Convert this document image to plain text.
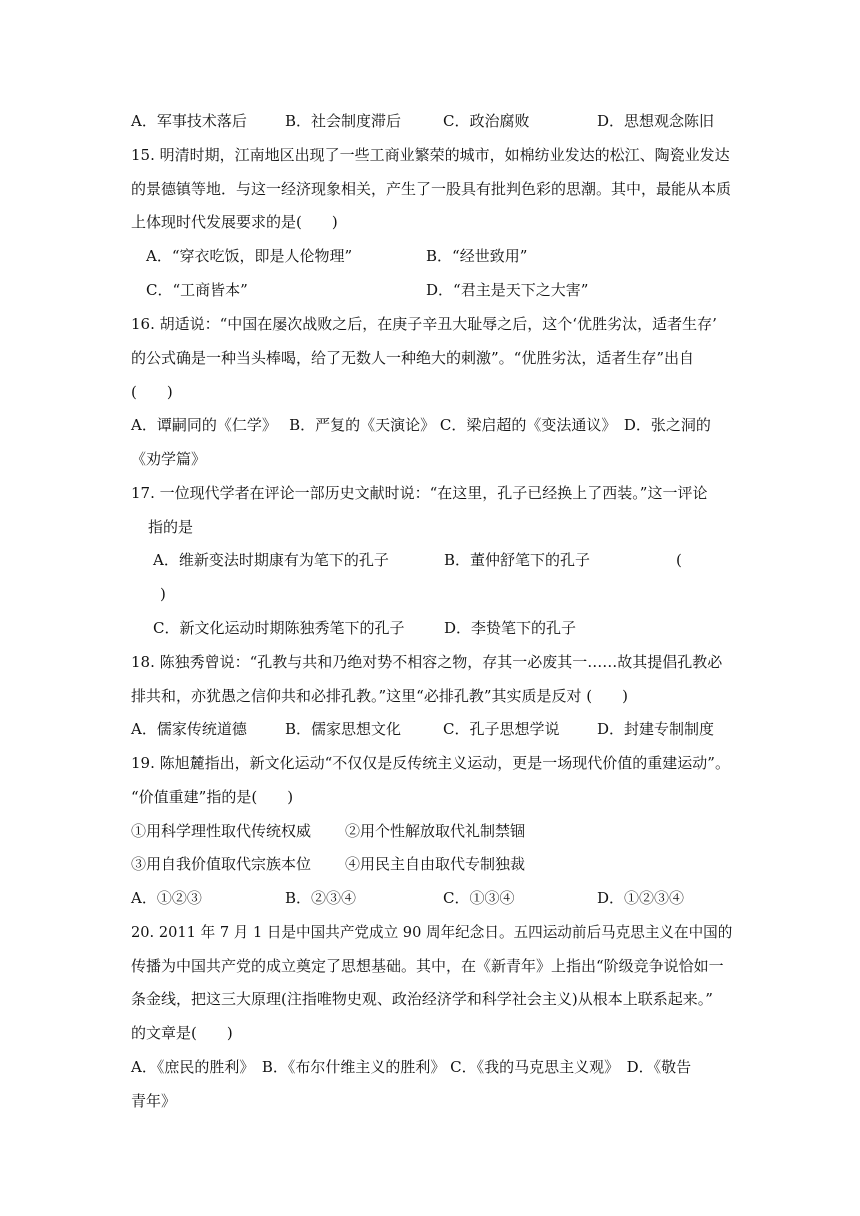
A．军事技术落后	B．社会制度滞后	C．政治腐败	D．思想观念陈旧
15. 明清时期，江南地区出现了一些工商业繁荣的城市，如棉纺业发达的松江、陶瓷业发达
的景德镇等地．与这一经济现象相关，产生了一股具有批判色彩的思潮。其中，最能从本质
上体现时代发展要求的是(　　)
A．“穿衣吃饭，即是人伦物理”	B．“经世致用”
C．“工商皆本”	D．“君主是天下之大害”
16. 胡适说：“中国在屡次战败之后，在庚子辛丑大耻辱之后，这个‘优胜劣汰，适者生存’
的公式确是一种当头棒喝，给了无数人一种绝大的刺激”。“优胜劣汰，适者生存”出自
(　　)
A．谭嗣同的《仁学》　 B．严复的《天演论》 C．梁启超的《变法通议》　D．张之洞的
《劝学篇》
17. 一位现代学者在评论一部历史文献时说：“在这里，孔子已经换上了西装。”这一评论
指的是
A．维新变法时期康有为笔下的孔子	B．董仲舒笔下的孔子	(
)
C．新文化运动时期陈独秀笔下的孔子	D．李贽笔下的孔子
18. 陈独秀曾说：“孔教与共和乃绝对势不相容之物，存其一必废其一……故其提倡孔教必
排共和，亦犹愚之信仰共和必排孔教。”这里“必排孔教”其实质是反对 (　　)
A．儒家传统道德	B．儒家思想文化	C．孔子思想学说	D．封建专制制度
19. 陈旭麓指出，新文化运动“不仅仅是反传统主义运动，更是一场现代价值的重建运动”。
“价值重建”指的是(　　)
①用科学理性取代传统权威 ②用个性解放取代礼制禁锢
③用自我价值取代宗族本位 ④用民主自由取代专制独裁
A．①②③	B．②③④	C．①③④	D．①②③④
20. 2011 年 7 月 1 日是中国共产党成立 90 周年纪念日。五四运动前后马克思主义在中国的
传播为中国共产党的成立奠定了思想基础。其中，在《新青年》上指出“阶级竞争说恰如一
条金线，把这三大原理(注指唯物史观、政治经济学和科学社会主义)从根本上联系起来。”
的文章是(　　)
A．《庶民的胜利》　B．《布尔什维主义的胜利》 C．《我的马克思主义观》　D．《敬告
青年》
